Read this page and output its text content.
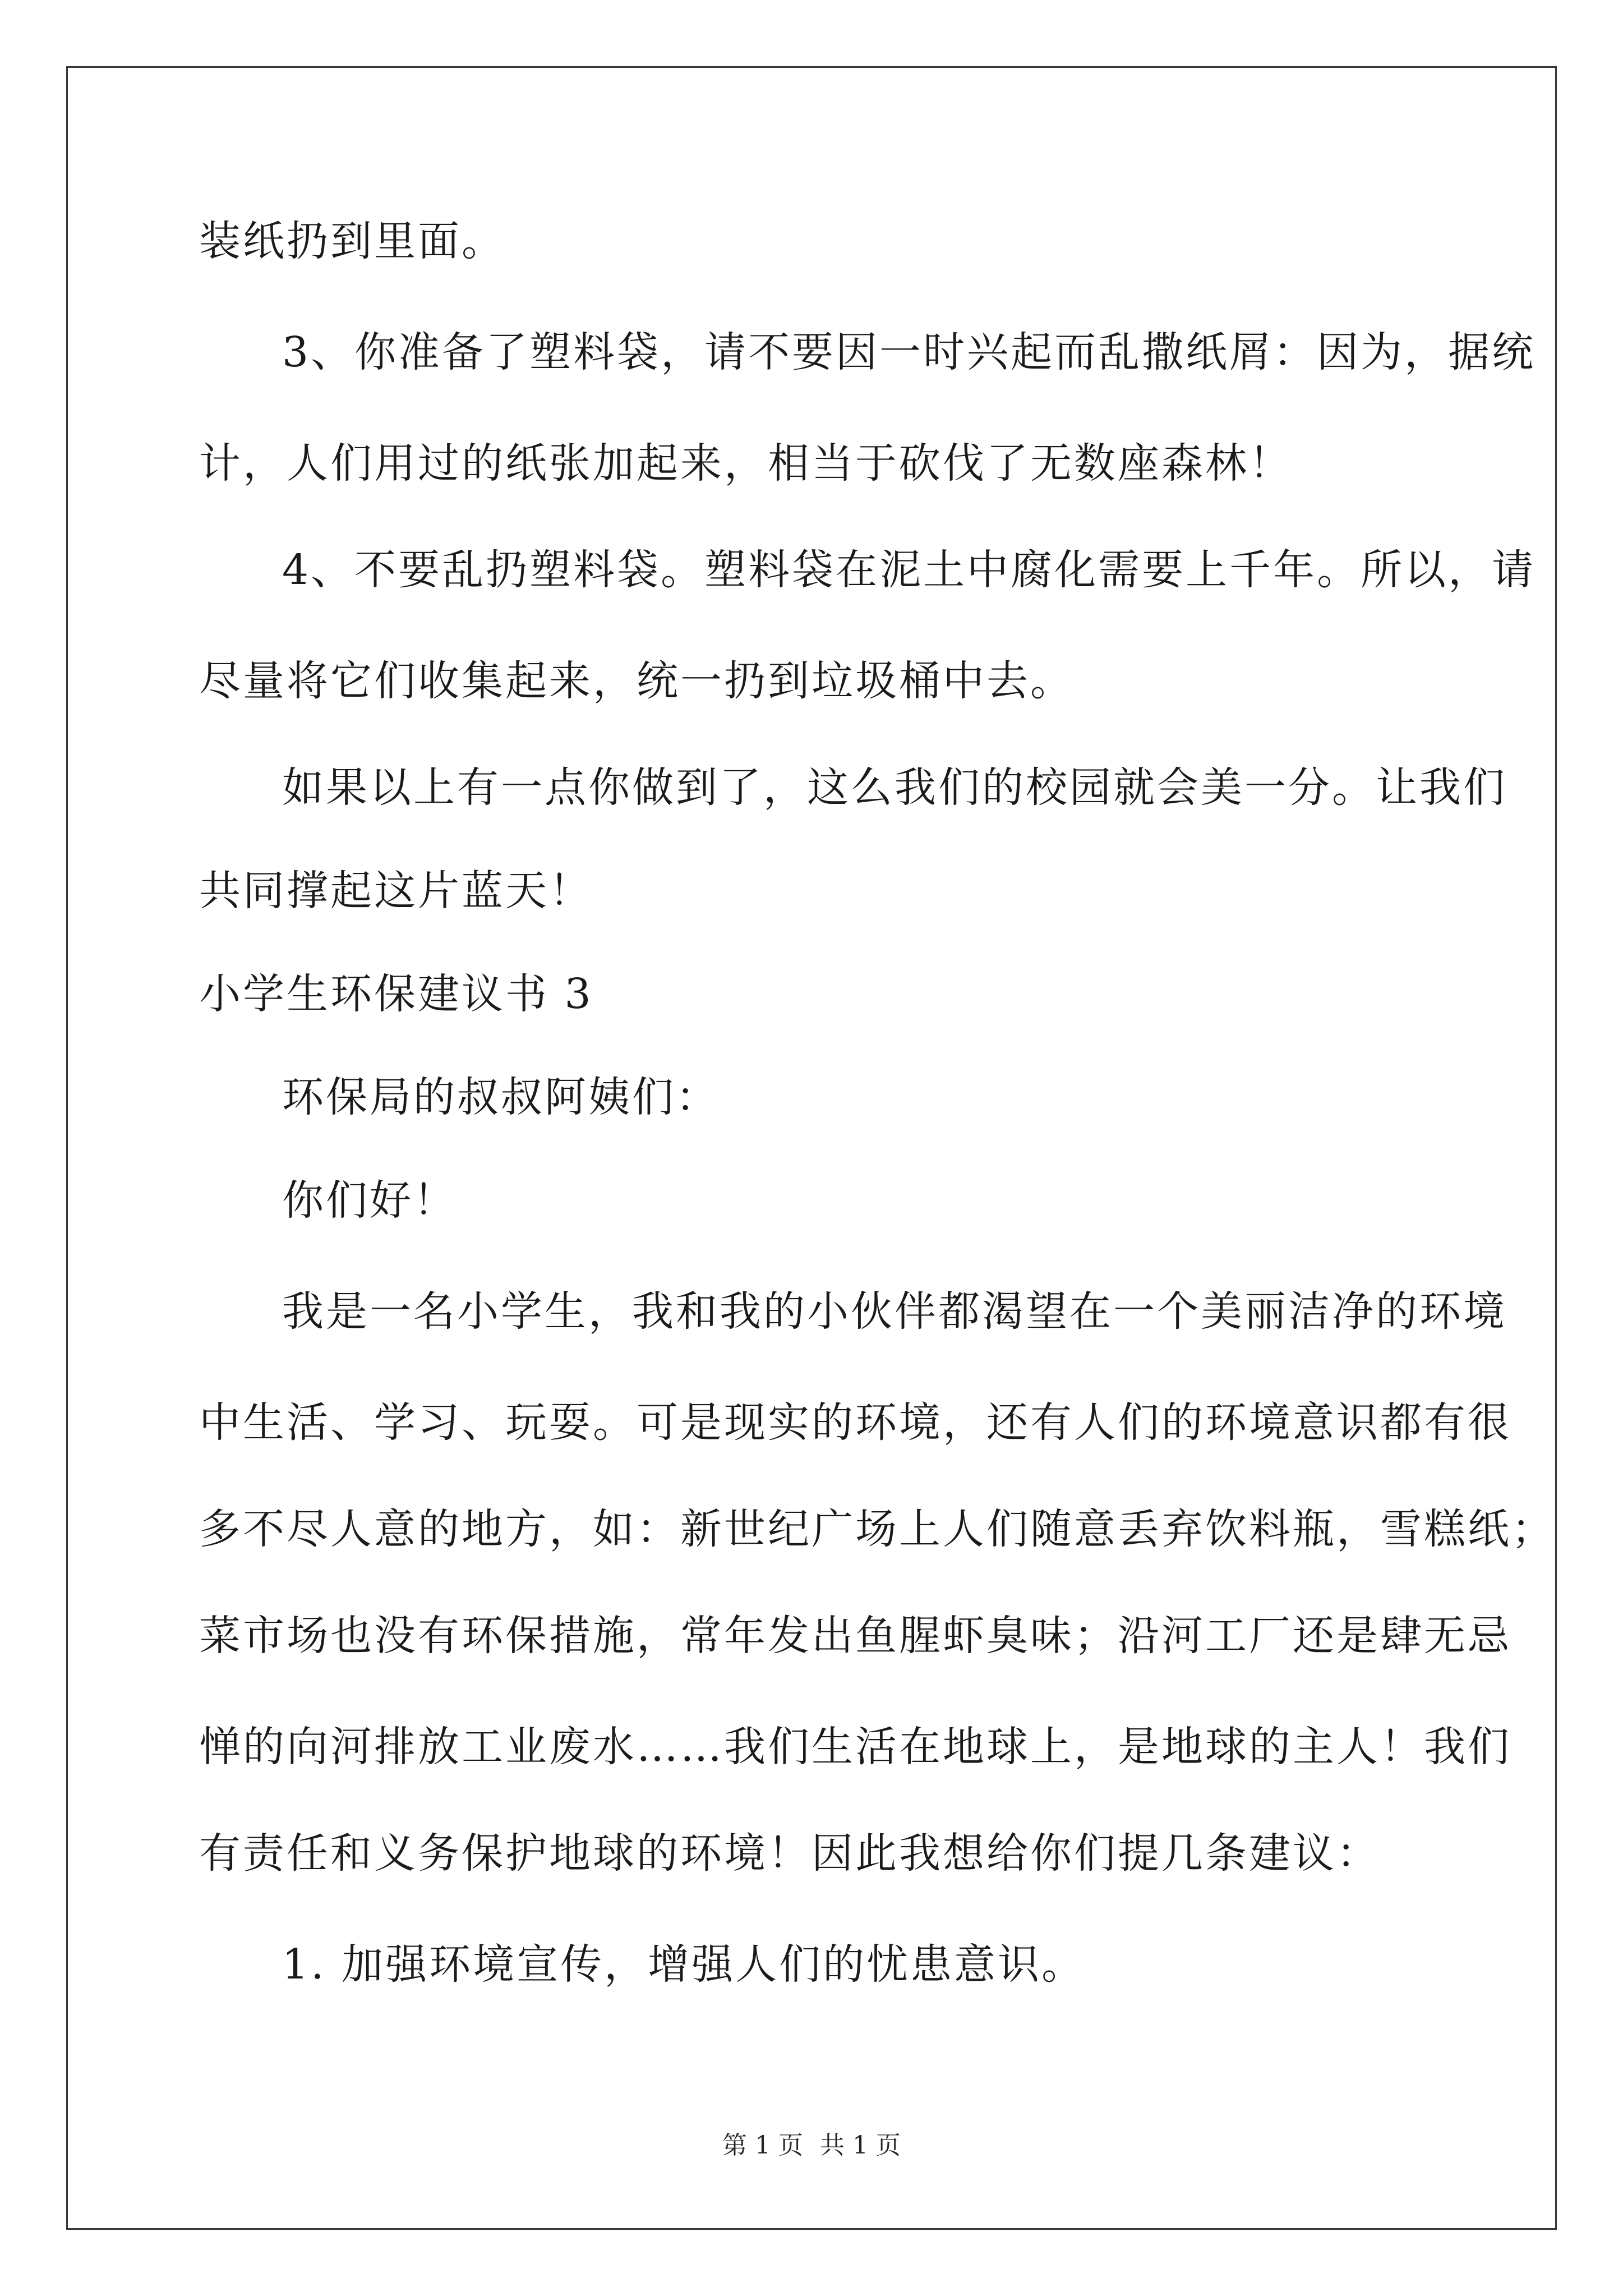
装纸扔到里面。
3、你准备了塑料袋，请不要因一时兴起而乱撒纸屑：因为，据统
计，人们用过的纸张加起来，相当于砍伐了无数座森林！
4、不要乱扔塑料袋。塑料袋在泥土中腐化需要上千年。所以，请
尽量将它们收集起来，统一扔到垃圾桶中去。
如果以上有一点你做到了，这么我们的校园就会美一分。让我们
共同撑起这片蓝天！
小学生环保建议书 3
环保局的叔叔阿姨们：
你们好！
我是一名小学生，我和我的小伙伴都渴望在一个美丽洁净的环境
中生活、学习、玩耍。可是现实的环境，还有人们的环境意识都有很
多不尽人意的地方，如：新世纪广场上人们随意丢弃饮料瓶，雪糕纸；
菜市场也没有环保措施，常年发出鱼腥虾臭味；沿河工厂还是肆无忌
惮的向河排放工业废水……我们生活在地球上，是地球的主人！我们
有责任和义务保护地球的环境！因此我想给你们提几条建议：
1. 加强环境宣传，增强人们的忧患意识。
第 1 页 共 1 页
